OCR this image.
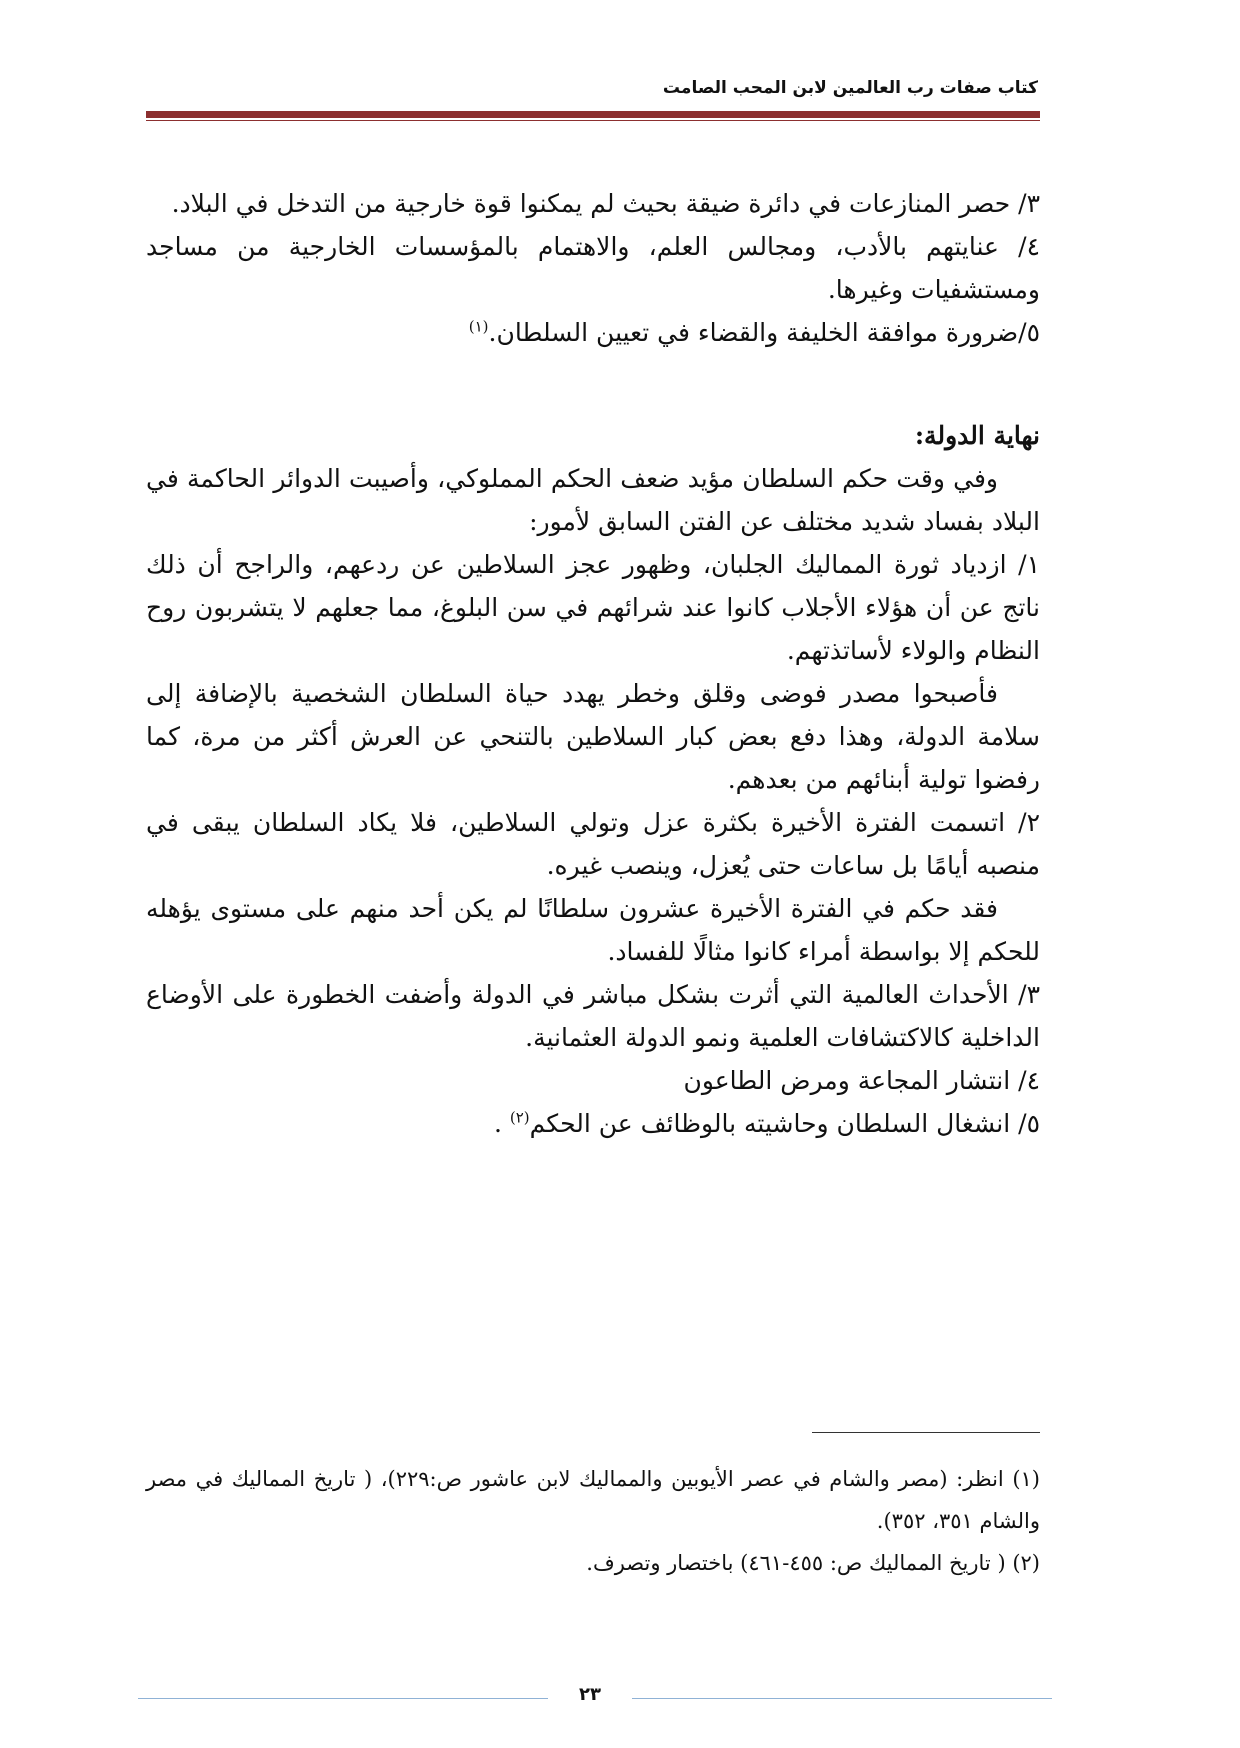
كتاب صفات رب العالمين لابن المحب الصامت

٣/ حصر المنازعات في دائرة ضيقة بحيث لم يمكنوا قوة خارجية من التدخل في البلاد.

٤/ عنايتهم بالأدب، ومجالس العلم، والاهتمام بالمؤسسات الخارجية من مساجد ومستشفيات وغيرها.

٥/ضرورة موافقة الخليفة والقضاء في تعيين السلطان.$^{(١)}$

نهاية الدولة:

وفي وقت حكم السلطان مؤيد ضعف الحكم المملوكي، وأصيبت الدوائر الحاكمة في البلاد بفساد شديد مختلف عن الفتن السابق لأمور:

١/ ازدياد ثورة المماليك الجلبان، وظهور عجز السلاطين عن ردعهم، والراجح أن ذلك ناتج عن أن هؤلاء الأجلاب كانوا عند شرائهم في سن البلوغ، مما جعلهم لا يتشربون روح النظام والولاء لأساتذتهم.

فأصبحوا مصدر فوضى وقلق وخطر يهدد حياة السلطان الشخصية بالإضافة إلى سلامة الدولة، وهذا دفع بعض كبار السلاطين بالتنحي عن العرش أكثر من مرة، كما رفضوا تولية أبنائهم من بعدهم.

٢/ اتسمت الفترة الأخيرة بكثرة عزل وتولي السلاطين، فلا يكاد السلطان يبقى في منصبه أيامًا بل ساعات حتى يُعزل، وينصب غيره.

فقد حكم في الفترة الأخيرة عشرون سلطانًا لم يكن أحد منهم على مستوى يؤهله للحكم إلا بواسطة أمراء كانوا مثالًا للفساد.

٣/ الأحداث العالمية التي أثرت بشكل مباشر في الدولة وأضفت الخطورة على الأوضاع الداخلية كالاكتشافات العلمية ونمو الدولة العثمانية.

٤/ انتشار المجاعة ومرض الطاعون

٥/ انشغال السلطان وحاشيته بالوظائف عن الحكم$^{(٢)}$ .

(١) انظر: (مصر والشام في عصر الأيوبين والمماليك لابن عاشور ص:٢٢٩)، ( تاريخ المماليك في مصر والشام ٣٥١، ٣٥٢).

(٢) ( تاريخ المماليك ص: ٤٥٥-٤٦١) باختصار وتصرف.

٢٣
